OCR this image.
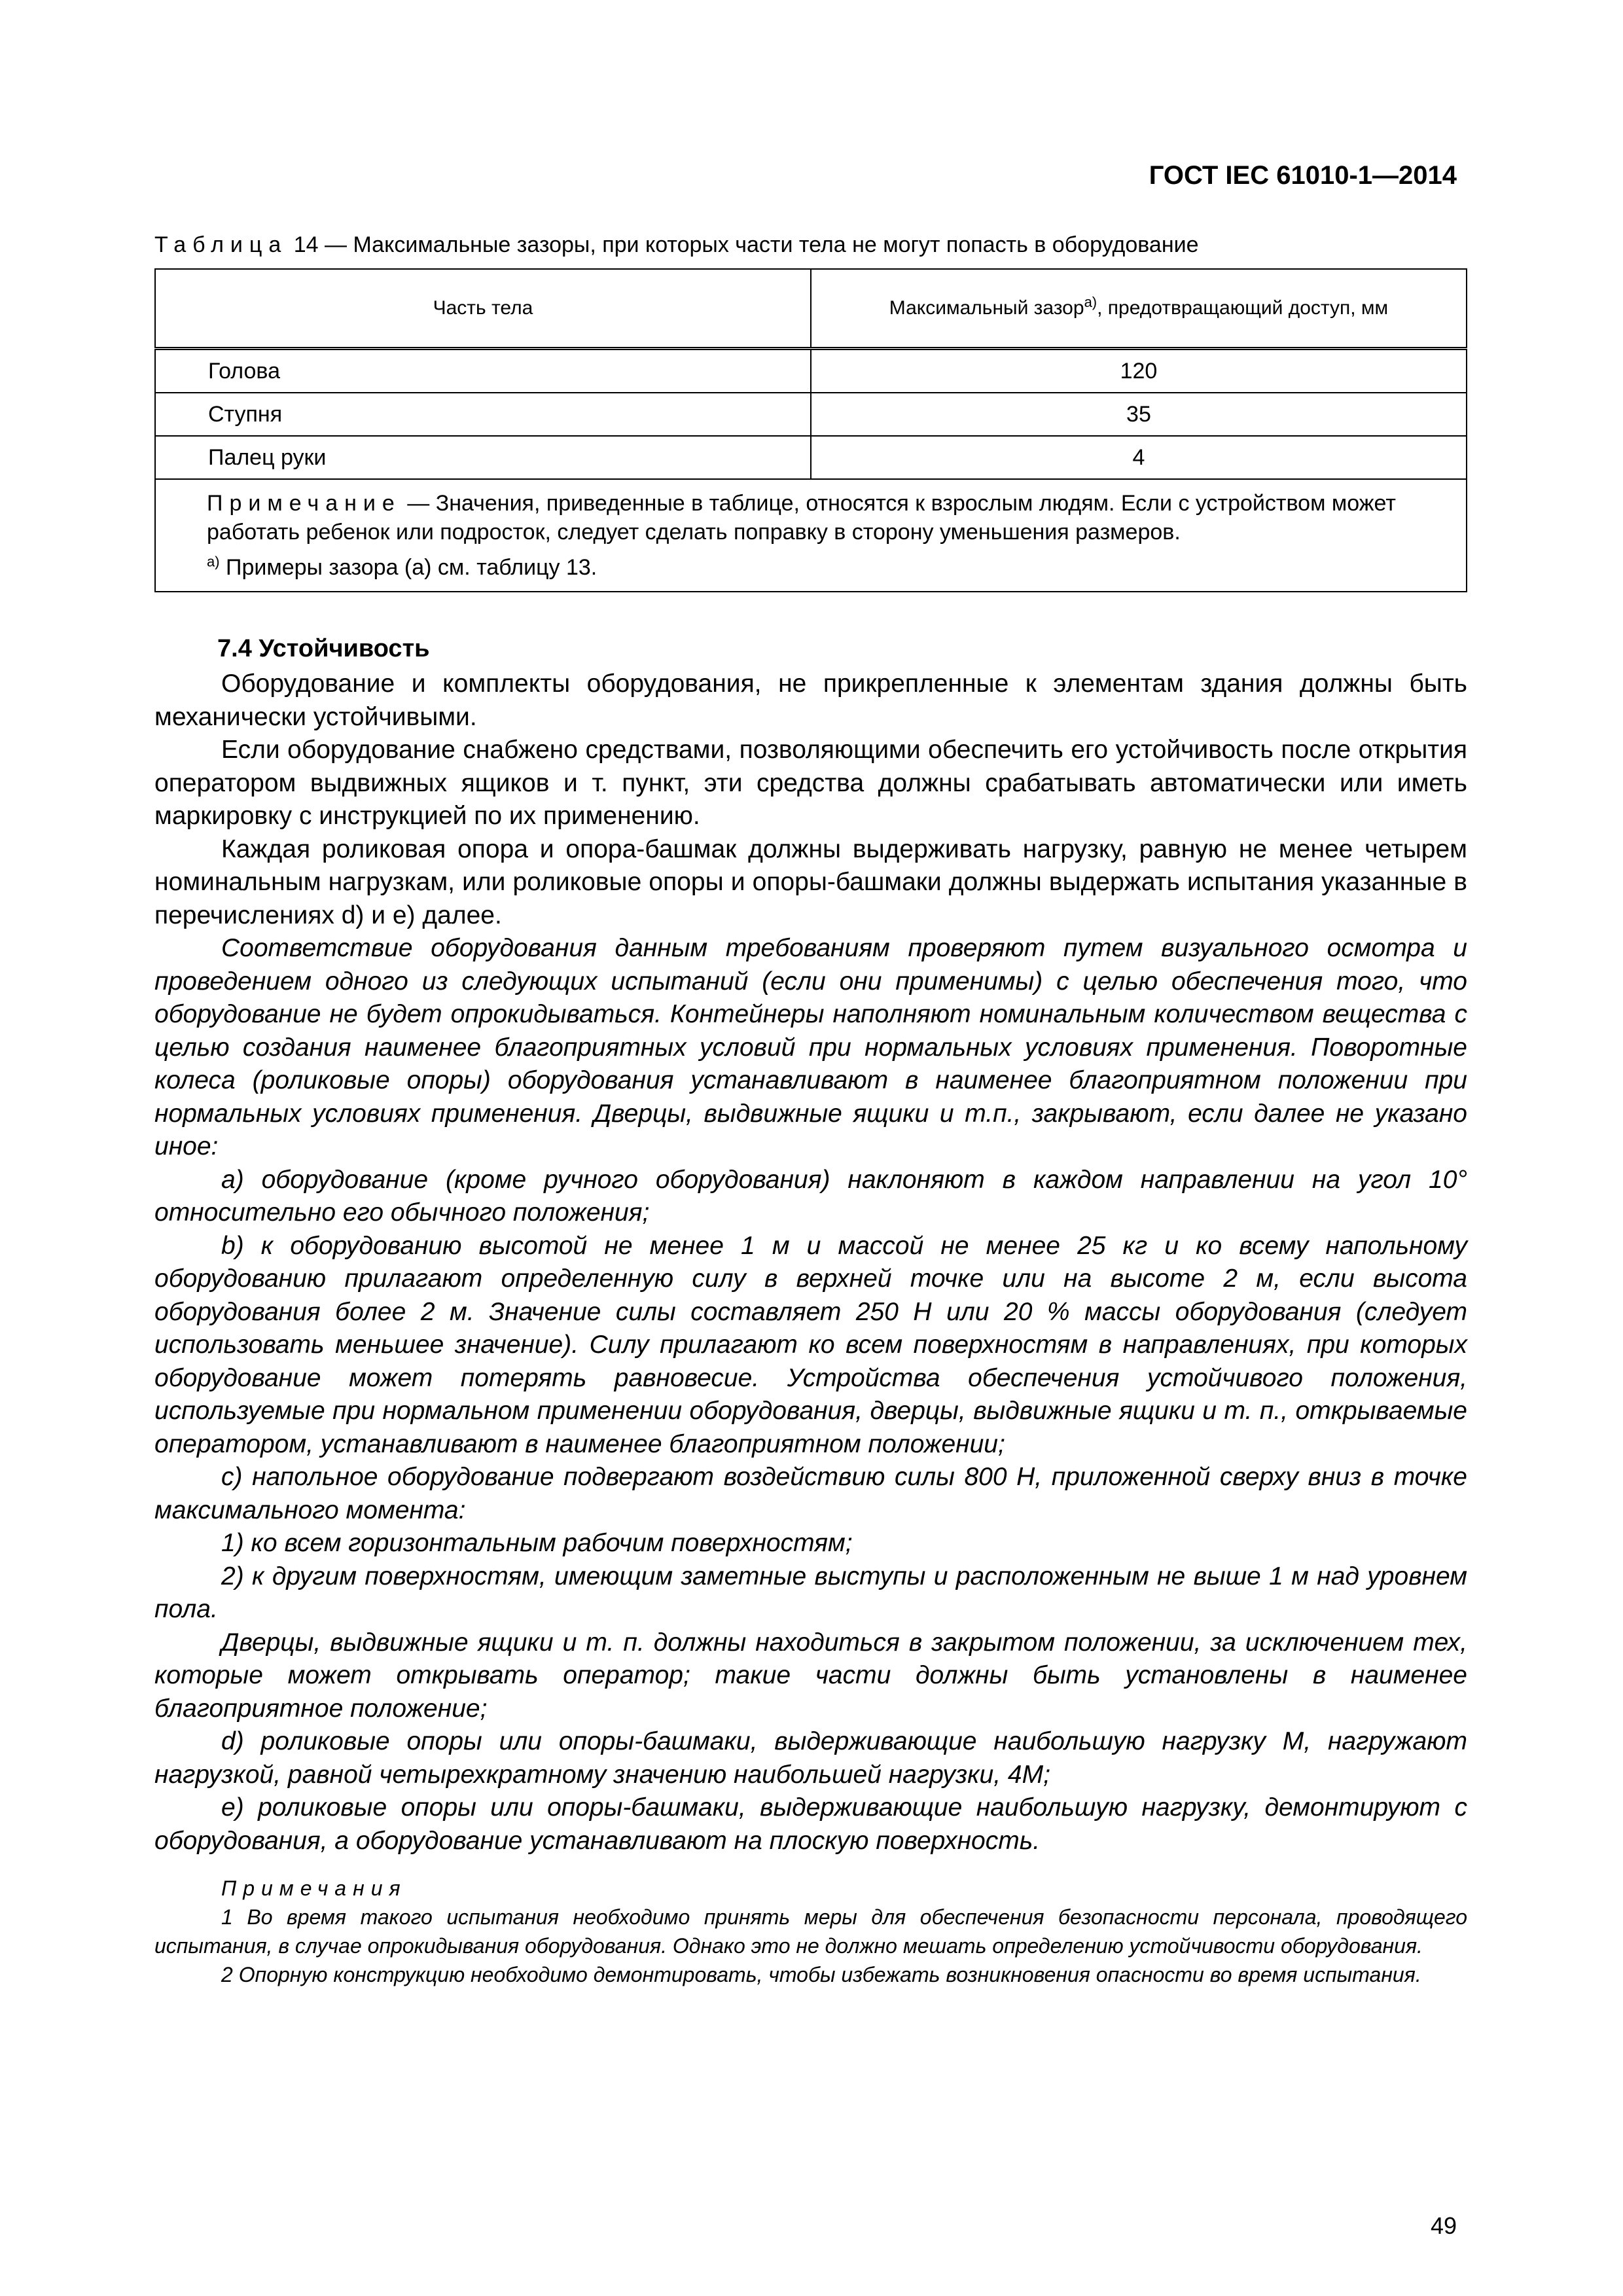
ГОСТ IEC 61010-1—2014
Таблица 14 — Максимальные зазоры, при которых части тела не могут попасть в оборудование
Часть тела	Максимальный зазор$^{a)}$, предотвращающий доступ, мм
Голова	120
Ступня	35
Палец руки	4

Примечание — Значения, приведенные в таблице, относятся к взрослым людям. Если с устройством может работать ребенок или подросток, следует сделать поправку в сторону уменьшения размеров.
$^{a)}$ Примеры зазора (а) см. таблицу 13.	
7.4 Устойчивость

Оборудование и комплекты оборудования, не прикрепленные к элементам здания должны быть механически устойчивыми.

Если оборудование снабжено средствами, позволяющими обеспечить его устойчивость после открытия оператором выдвижных ящиков и т. пункт, эти средства должны срабатывать автоматически или иметь маркировку с инструкцией по их применению.

Каждая роликовая опора и опора-башмак должны выдерживать нагрузку, равную не менее четырем номинальным нагрузкам, или роликовые опоры и опоры-башмаки должны выдержать испытания указанные в перечислениях d) и е) далее.

Соответствие оборудования данным требованиям проверяют путем визуального осмотра и проведением одного из следующих испытаний (если они применимы) с целью обеспечения того, что оборудование не будет опрокидываться. Контейнеры наполняют номинальным количеством вещества с целью создания наименее благоприятных условий при нормальных условиях применения. Поворотные колеса (роликовые опоры) оборудования устанавливают в наименее благоприятном положении при нормальных условиях применения. Дверцы, выдвижные ящики и т.п., закрывают, если далее не указано иное:

a) оборудование (кроме ручного оборудования) наклоняют в каждом направлении на угол 10° относительно его обычного положения;

b) к оборудованию высотой не менее 1 м и массой не менее 25 кг и ко всему напольному оборудованию прилагают определенную силу в верхней точке или на высоте 2 м, если высота оборудования более 2 м. Значение силы составляет 250 Н или 20 % массы оборудования (следует использовать меньшее значение). Силу прилагают ко всем поверхностям в направлениях, при которых оборудование может потерять равновесие. Устройства обеспечения устойчивого положения, используемые при нормальном применении оборудования, дверцы, выдвижные ящики и т. п., открываемые оператором, устанавливают в наименее благоприятном положении;

c) напольное оборудование подвергают воздействию силы 800 Н, приложенной сверху вниз в точке максимального момента:

1) ко всем горизонтальным рабочим поверхностям;

2) к другим поверхностям, имеющим заметные выступы и расположенным не выше 1 м над уровнем пола.

Дверцы, выдвижные ящики и т. п. должны находиться в закрытом положении, за исключением тех, которые может открывать оператор; такие части должны быть установлены в наименее благоприятное положение;

d) роликовые опоры или опоры-башмаки, выдерживающие наибольшую нагрузку М, нагружают нагрузкой, равной четырехкратному значению наибольшей нагрузки, 4М;

e) роликовые опоры или опоры-башмаки, выдерживающие наибольшую нагрузку, демонтируют с оборудования, а оборудование устанавливают на плоскую поверхность.

Примечания

1 Во время такого испытания необходимо принять меры для обеспечения безопасности персонала, проводящего испытания, в случае опрокидывания оборудования. Однако это не должно мешать определению устойчивости оборудования.

2 Опорную конструкцию необходимо демонтировать, чтобы избежать возникновения опасности во время испытания.

49
